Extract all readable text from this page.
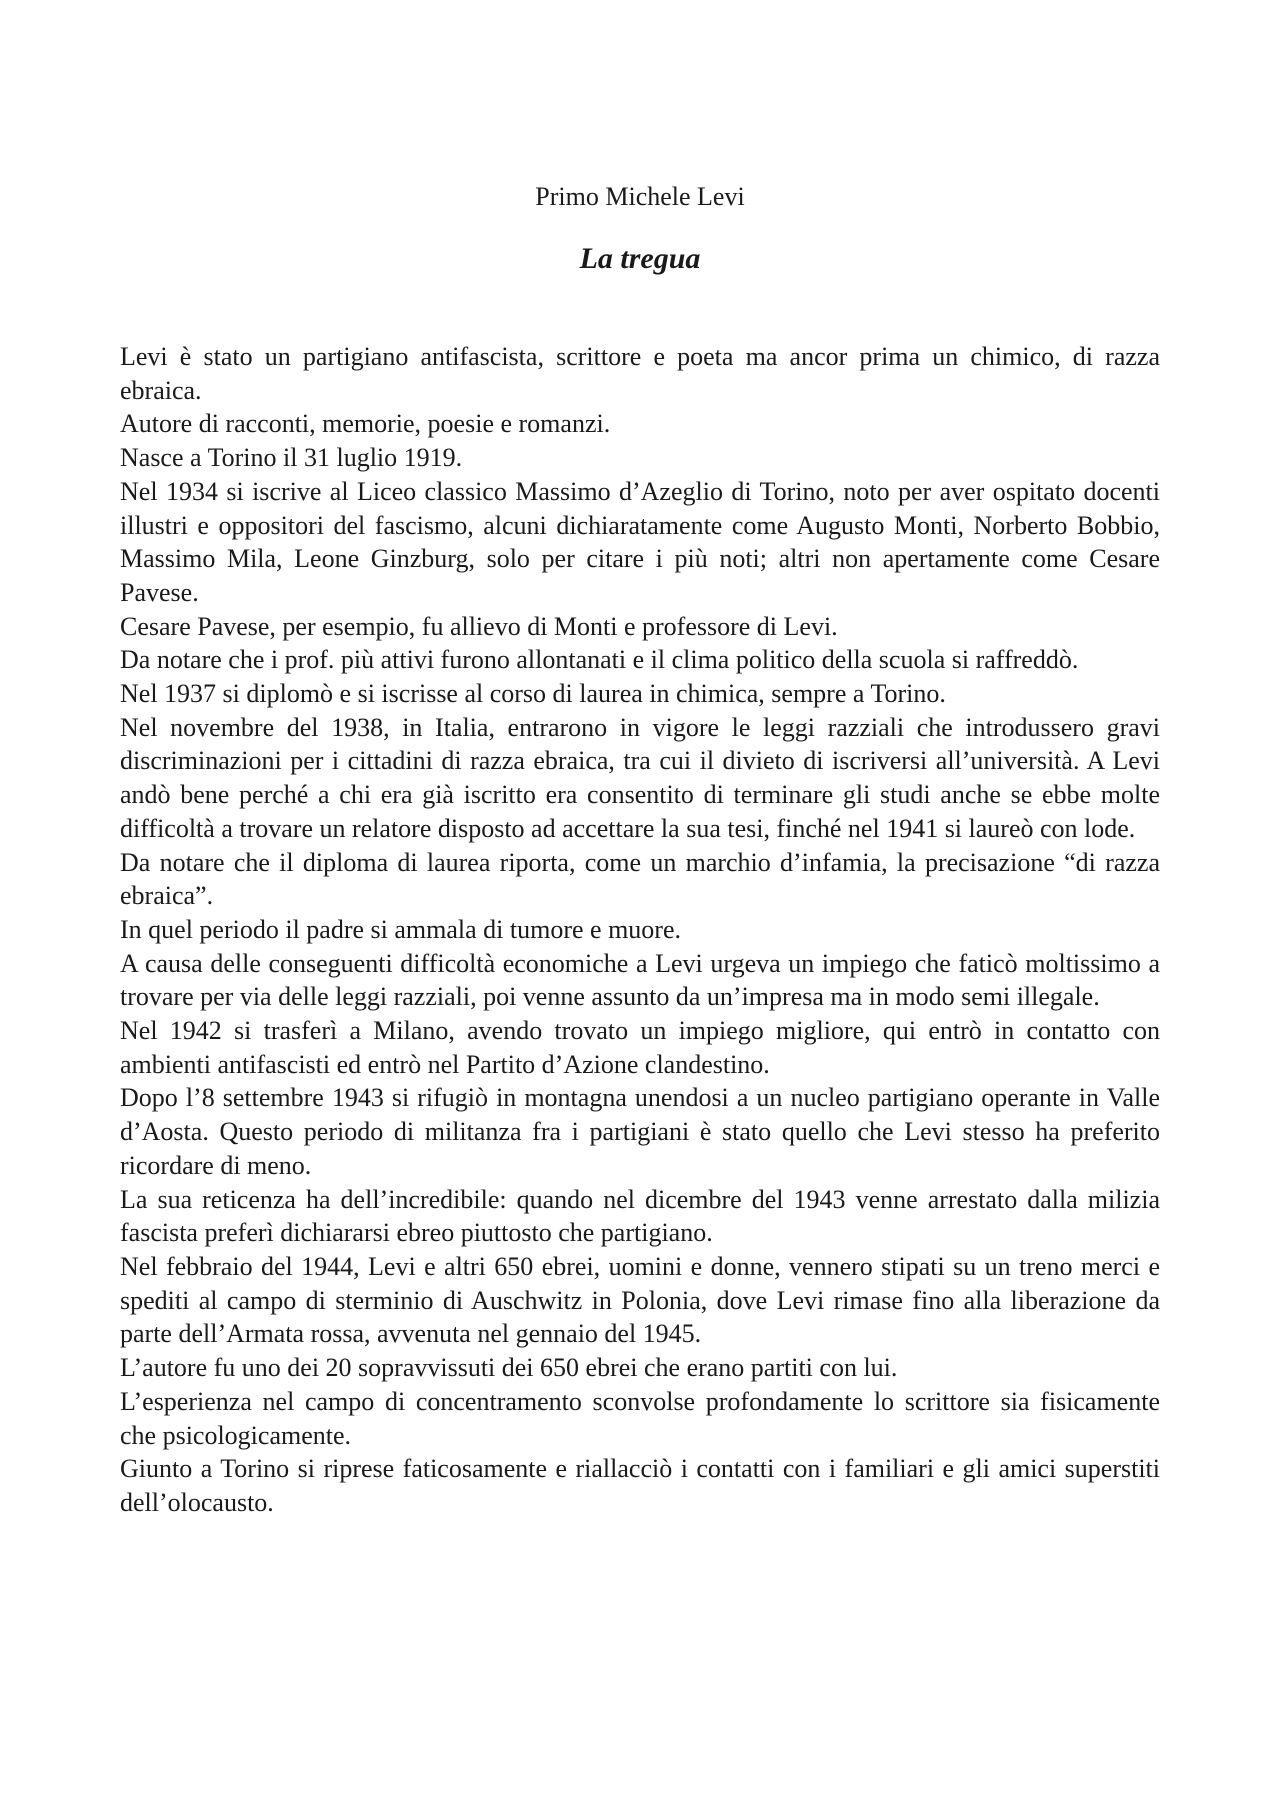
Primo Michele Levi
La tregua

Levi è stato un partigiano antifascista, scrittore e poeta ma ancor prima un chimico, di razza ebraica.

Autore di racconti, memorie, poesie e romanzi.

Nasce a Torino il 31 luglio 1919.

Nel 1934 si iscrive al Liceo classico Massimo d’Azeglio di Torino, noto per aver ospitato docenti illustri e oppositori del fascismo, alcuni dichiaratamente come Augusto Monti, Norberto Bobbio, Massimo Mila, Leone Ginzburg, solo per citare i più noti; altri non apertamente come Cesare Pavese.

Cesare Pavese, per esempio, fu allievo di Monti e professore di Levi.

Da notare che i prof. più attivi furono allontanati e il clima politico della scuola si raffreddò.

Nel 1937 si diplomò e si iscrisse al corso di laurea in chimica, sempre a Torino.

Nel novembre del 1938, in Italia, entrarono in vigore le leggi razziali che introdussero gravi discriminazioni per i cittadini di razza ebraica, tra cui il divieto di iscriversi all’università. A Levi andò bene perché a chi era già iscritto era consentito di terminare gli studi anche se ebbe molte difficoltà a trovare un relatore disposto ad accettare la sua tesi, finché nel 1941 si laureò con lode.

Da notare che il diploma di laurea riporta, come un marchio d’infamia, la precisazione “di razza ebraica”.

In quel periodo il padre si ammala di tumore e muore.

A causa delle conseguenti difficoltà economiche a Levi urgeva un impiego che faticò moltissimo a trovare per via delle leggi razziali, poi venne assunto da un’impresa ma in modo semi illegale.

Nel 1942 si trasferì a Milano, avendo trovato un impiego migliore, qui entrò in contatto con ambienti antifascisti ed entrò nel Partito d’Azione clandestino.

Dopo l’8 settembre 1943 si rifugiò in montagna unendosi a un nucleo partigiano operante in Valle d’Aosta. Questo periodo di militanza fra i partigiani è stato quello che Levi stesso ha preferito ricordare di meno.

La sua reticenza ha dell’incredibile: quando nel dicembre del 1943 venne arrestato dalla milizia fascista preferì dichiararsi ebreo piuttosto che partigiano.

Nel febbraio del 1944, Levi e altri 650 ebrei, uomini e donne, vennero stipati su un treno merci e spediti al campo di sterminio di Auschwitz in Polonia, dove Levi rimase fino alla liberazione da parte dell’Armata rossa, avvenuta nel gennaio del 1945.

L’autore fu uno dei 20 sopravvissuti dei 650 ebrei che erano partiti con lui.

L’esperienza nel campo di concentramento sconvolse profondamente lo scrittore sia fisicamente che psicologicamente.

Giunto a Torino si riprese faticosamente e riallacciò i contatti con i familiari e gli amici superstiti dell’olocausto.
